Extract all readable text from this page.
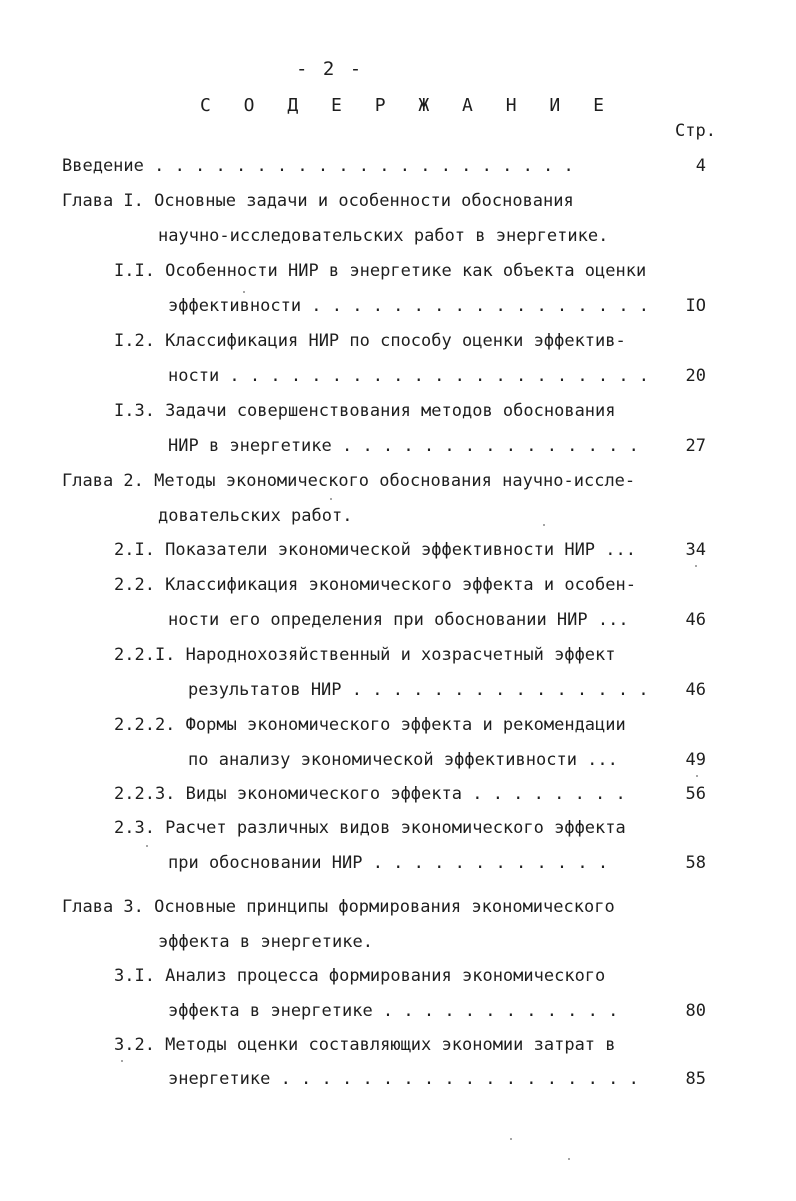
- 2 -
С О Д Е Р Ж А Н И Е
Стр.
Введение . . . . . . . . . . . . . . . . . . . . .	4
Глава I. Основные задачи и особенности обоснования
научно-исследовательских работ в энергетике.
I.I. Особенности НИР в энергетике как объекта оценки
эффективности . . . . . . . . . . . . . . . . .	IO
I.2. Классификация НИР по способу оценки эффектив-
ности . . . . . . . . . . . . . . . . . . . . .	20
I.3. Задачи совершенствования методов обоснования
НИР в энергетике . . . . . . . . . . . . . . .	27
Глава 2. Методы экономического обоснования научно-иссле-
довательских работ.
2.I. Показатели экономической эффективности НИР ...	34
2.2. Классификация экономического эффекта и особен-
ности его определения при обосновании НИР ...	46
2.2.I. Народнохозяйственный и хозрасчетный эффект
результатов НИР . . . . . . . . . . . . . . .	46
2.2.2. Формы экономического эффекта и рекомендации
по анализу экономической эффективности ...	49
2.2.3. Виды экономического эффекта . . . . . . . .	56
2.3. Расчет различных видов экономического эффекта
при обосновании НИР . . . . . . . . . . . .	58
Глава 3. Основные принципы формирования экономического
эффекта в энергетике.
3.I. Анализ процесса формирования экономического
эффекта в энергетике . . . . . . . . . . . .	80
3.2. Методы оценки составляющих экономии затрат в
энергетике . . . . . . . . . . . . . . . . . .	85
